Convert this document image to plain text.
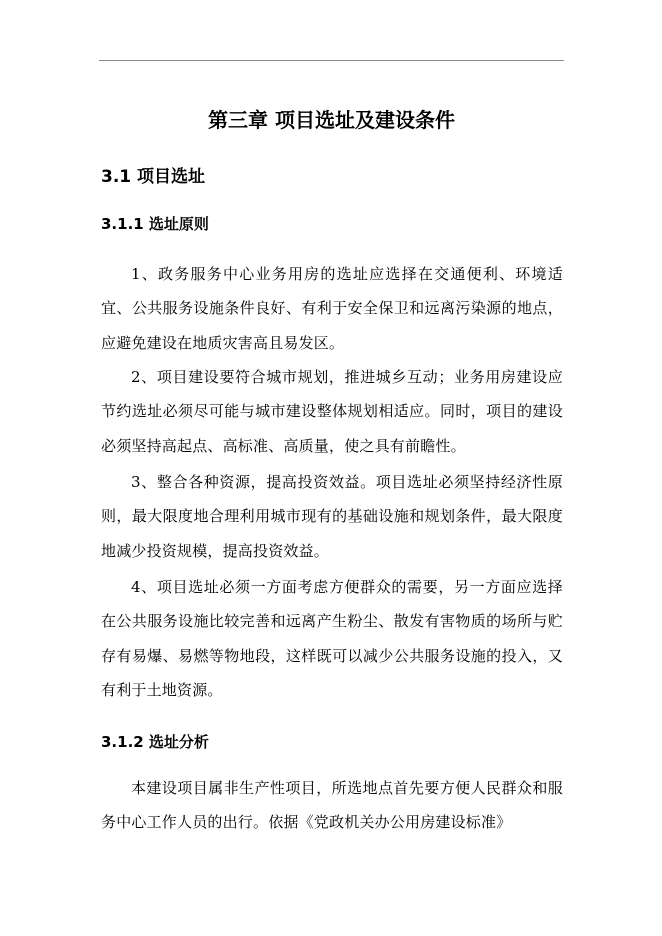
第三章 项目选址及建设条件
3.1 项目选址
3.1.1 选址原则

1、政务服务中心业务用房的选址应选择在交通便利、环境适宜、公共服务设施条件良好、有利于安全保卫和远离污染源的地点，应避免建设在地质灾害高且易发区。

2、项目建设要符合城市规划，推进城乡互动；业务用房建设应节约选址必须尽可能与城市建设整体规划相适应。同时，项目的建设必须坚持高起点、高标准、高质量，使之具有前瞻性。

3、整合各种资源，提高投资效益。项目选址必须坚持经济性原则，最大限度地合理利用城市现有的基础设施和规划条件，最大限度地减少投资规模，提高投资效益。

4、项目选址必须一方面考虑方便群众的需要，另一方面应选择在公共服务设施比较完善和远离产生粉尘、散发有害物质的场所与贮存有易爆、易燃等物地段，这样既可以减少公共服务设施的投入，又有利于土地资源。

3.1.2 选址分析

本建设项目属非生产性项目，所选地点首先要方便人民群众和服务中心工作人员的出行。依据《党政机关办公用房建设标准》
